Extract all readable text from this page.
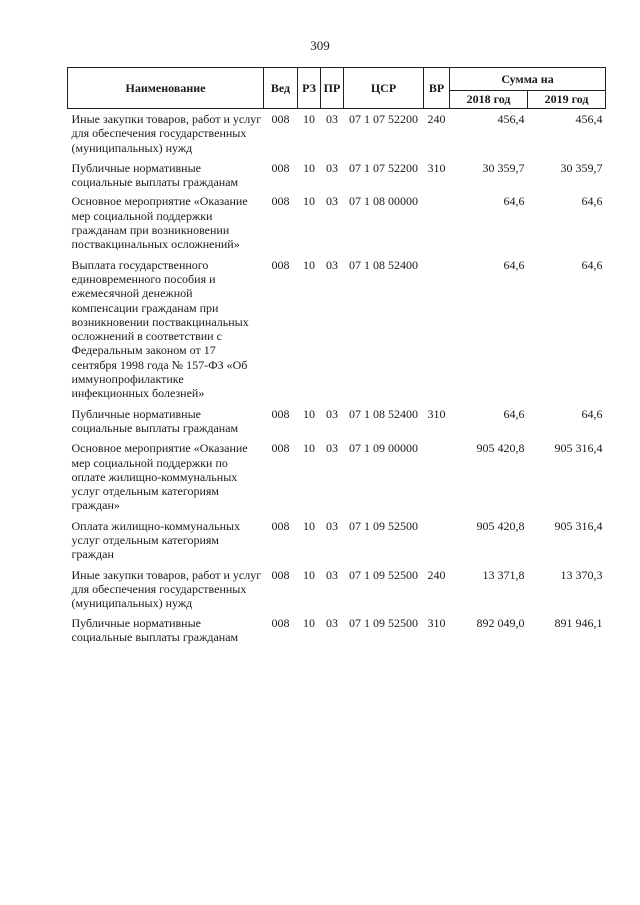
309
Наименование	Вед	РЗ	ПР	ЦСР	ВР	Сумма на	
						2018 год	2019 год
Иные закупки товаров, работ и услуг для обеспечения государственных (муниципальных) нужд	008	10	03	07 1 07 52200	240	456,4	456,4
Публичные нормативные социальные выплаты гражданам	008	10	03	07 1 07 52200	310	30 359,7	30 359,7
Основное мероприятие «Оказание мер социальной поддержки гражданам при возникновении поствакцинальных осложнений»	008	10	03	07 1 08 00000		64,6	64,6
Выплата государственного единовременного пособия и ежемесячной денежной компенсации гражданам при возникновении поствакцинальных осложнений в соответствии с Федеральным законом от 17 сентября 1998 года № 157-ФЗ «Об иммунопрофилактике инфекционных болезней»	008	10	03	07 1 08 52400		64,6	64,6
Публичные нормативные социальные выплаты гражданам	008	10	03	07 1 08 52400	310	64,6	64,6
Основное мероприятие «Оказание мер социальной поддержки по оплате жилищно-коммунальных услуг отдельным категориям граждан»	008	10	03	07 1 09 00000		905 420,8	905 316,4
Оплата жилищно-коммунальных услуг отдельным категориям граждан	008	10	03	07 1 09 52500		905 420,8	905 316,4
Иные закупки товаров, работ и услуг для обеспечения государственных (муниципальных) нужд	008	10	03	07 1 09 52500	240	13 371,8	13 370,3
Публичные нормативные социальные выплаты гражданам	008	10	03	07 1 09 52500	310	892 049,0	891 946,1
